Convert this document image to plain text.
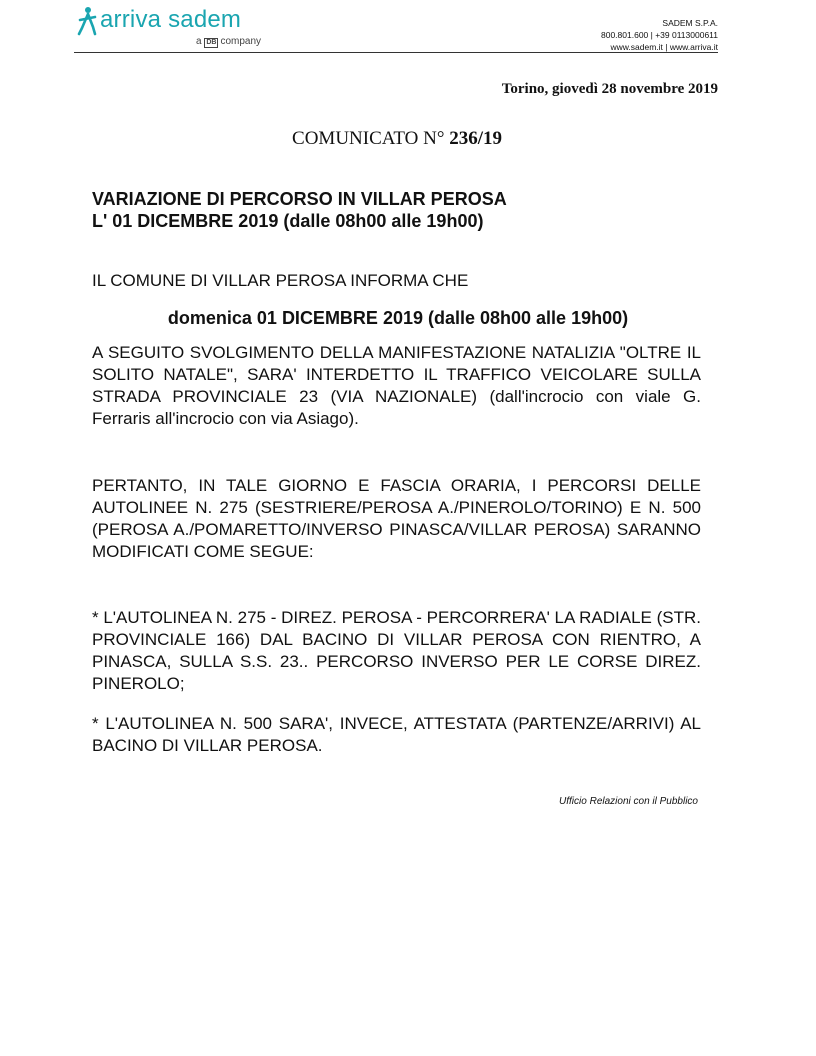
arriva sadem
a DB company
SADEM S.P.A.
800.801.600 | +39 0113000611
www.sadem.it | www.arriva.it
Torino, giovedì 28 novembre 2019
COMUNICATO N° 236/19
VARIAZIONE DI PERCORSO IN VILLAR PEROSA
L' 01 DICEMBRE 2019 (dalle 08h00 alle 19h00)
IL COMUNE DI VILLAR PEROSA INFORMA CHE
domenica 01 DICEMBRE 2019 (dalle 08h00 alle 19h00)
A SEGUITO SVOLGIMENTO DELLA MANIFESTAZIONE NATALIZIA "OLTRE IL SOLITO NATALE", SARA' INTERDETTO IL TRAFFICO VEICOLARE SULLA STRADA PROVINCIALE 23 (VIA NAZIONALE) (dall'incrocio con viale G. Ferraris all'incrocio con via Asiago).
PERTANTO, IN TALE GIORNO E FASCIA ORARIA, I PERCORSI DELLE AUTOLINEE N. 275 (SESTRIERE/PEROSA A./PINEROLO/TORINO) E N. 500 (PEROSA A./POMARETTO/INVERSO PINASCA/VILLAR PEROSA) SARANNO MODIFICATI COME SEGUE:
* L'AUTOLINEA N. 275 - DIREZ. PEROSA - PERCORRERA' LA RADIALE (STR. PROVINCIALE 166) DAL BACINO DI VILLAR PEROSA CON RIENTRO, A PINASCA, SULLA S.S. 23.. PERCORSO INVERSO PER LE CORSE DIREZ. PINEROLO;
* L'AUTOLINEA N. 500 SARA', INVECE, ATTESTATA (PARTENZE/ARRIVI) AL BACINO DI VILLAR PEROSA.
Ufficio Relazioni con il Pubblico
